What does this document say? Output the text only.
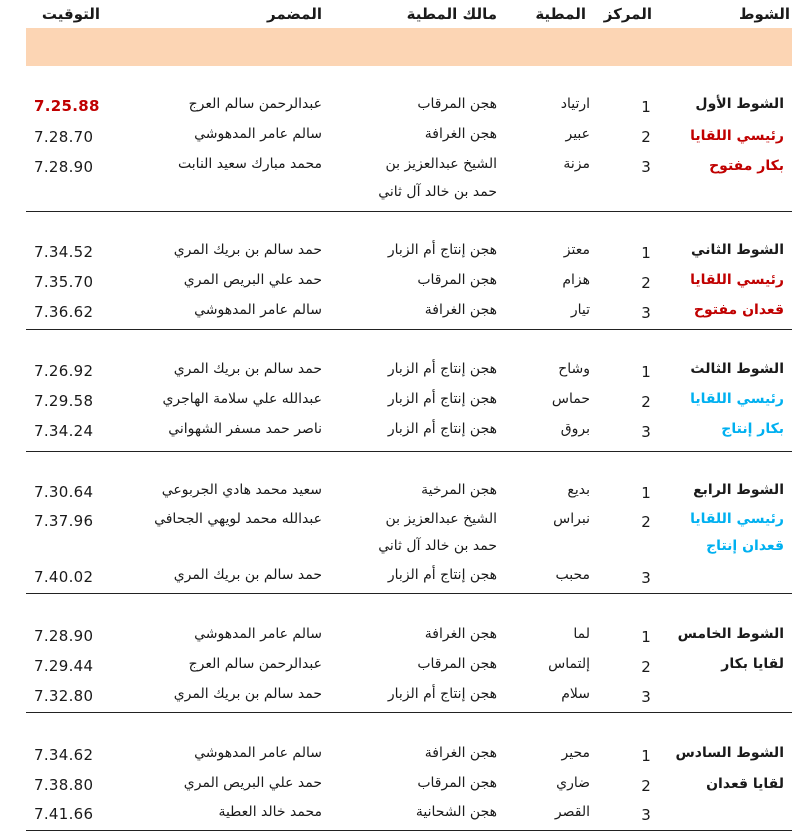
الشوط
المركز
المطية
مالك المطية
المضمر
التوقيت
الشوط الأول
رئيسي اللقايا
بكار مفتوح
1
ارتياد
هجن المرقاب
عبدالرحمن سالم العرج
7.25.88
2
عبير
هجن الغرافة
سالم عامر المدهوشي
7.28.70
3
مزنة
الشيخ عبدالعزيز بن
حمد بن خالد آل ثاني
محمد مبارك سعيد النابت
7.28.90
الشوط الثاني
رئيسي اللقايا
قعدان مفتوح
1
معتز
هجن إنتاج أم الزبار
حمد سالم بن بريك المري
7.34.52
2
هزام
هجن المرقاب
حمد علي البريص المري
7.35.70
3
تيار
هجن الغرافة
سالم عامر المدهوشي
7.36.62
الشوط الثالث
رئيسي اللقايا
بكار إنتاج
1
وشاح
هجن إنتاج أم الزبار
حمد سالم بن بريك المري
7.26.92
2
حماس
هجن إنتاج أم الزبار
عبدالله علي سلامة الهاجري
7.29.58
3
بروق
هجن إنتاج أم الزبار
ناصر حمد مسفر الشهواني
7.34.24
الشوط الرابع
رئيسي اللقايا
قعدان إنتاج
1
بديع
هجن المرخية
سعيد محمد هادي الجربوعي
7.30.64
2
نبراس
الشيخ عبدالعزيز بن
حمد بن خالد آل ثاني
عبدالله محمد لويهي الجحافي
7.37.96
3
محبب
هجن إنتاج أم الزبار
حمد سالم بن بريك المري
7.40.02
الشوط الخامس
لقايا بكار
1
لما
هجن الغرافة
سالم عامر المدهوشي
7.28.90
2
إلتماس
هجن المرقاب
عبدالرحمن سالم العرج
7.29.44
3
سلام
هجن إنتاج أم الزبار
حمد سالم بن بريك المري
7.32.80
الشوط السادس
لقايا قعدان
1
محير
هجن الغرافة
سالم عامر المدهوشي
7.34.62
2
ضاري
هجن المرقاب
حمد علي البريص المري
7.38.80
3
القصر
هجن الشحانية
محمد خالد العطية
7.41.66
